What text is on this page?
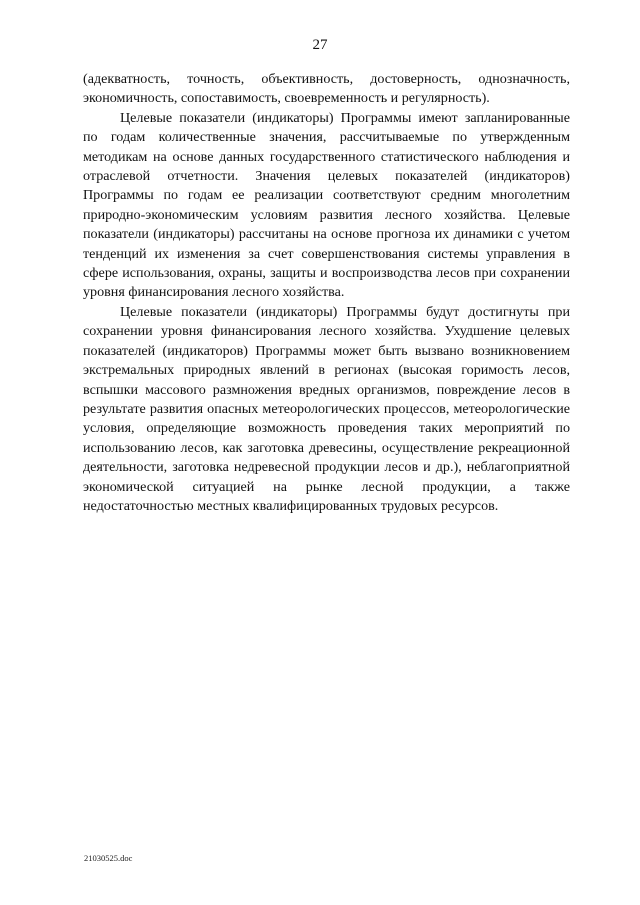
27

(адекватность, точность, объективность, достоверность, однозначность, экономичность, сопоставимость, своевременность и регулярность).

Целевые показатели (индикаторы) Программы имеют запланированные по годам количественные значения, рассчитываемые по утвержденным методикам на основе данных государственного статистического наблюдения и отраслевой отчетности. Значения целевых показателей (индикаторов) Программы по годам ее реализации соответствуют средним многолетним природно-экономическим условиям развития лесного хозяйства. Целевые показатели (индикаторы) рассчитаны на основе прогноза их динамики с учетом тенденций их изменения за счет совершенствования системы управления в сфере использования, охраны, защиты и воспроизводства лесов при сохранении уровня финансирования лесного хозяйства.

Целевые показатели (индикаторы) Программы будут достигнуты при сохранении уровня финансирования лесного хозяйства. Ухудшение целевых показателей (индикаторов) Программы может быть вызвано возникновением экстремальных природных явлений в регионах (высокая горимость лесов, вспышки массового размножения вредных организмов, повреждение лесов в результате развития опасных метеорологических процессов, метеорологические условия, определяющие возможность проведения таких мероприятий по использованию лесов, как заготовка древесины, осуществление рекреационной деятельности, заготовка недревесной продукции лесов и др.), неблагоприятной экономической ситуацией на рынке лесной продукции, а также недостаточностью местных квалифицированных трудовых ресурсов.

21030525.doc
